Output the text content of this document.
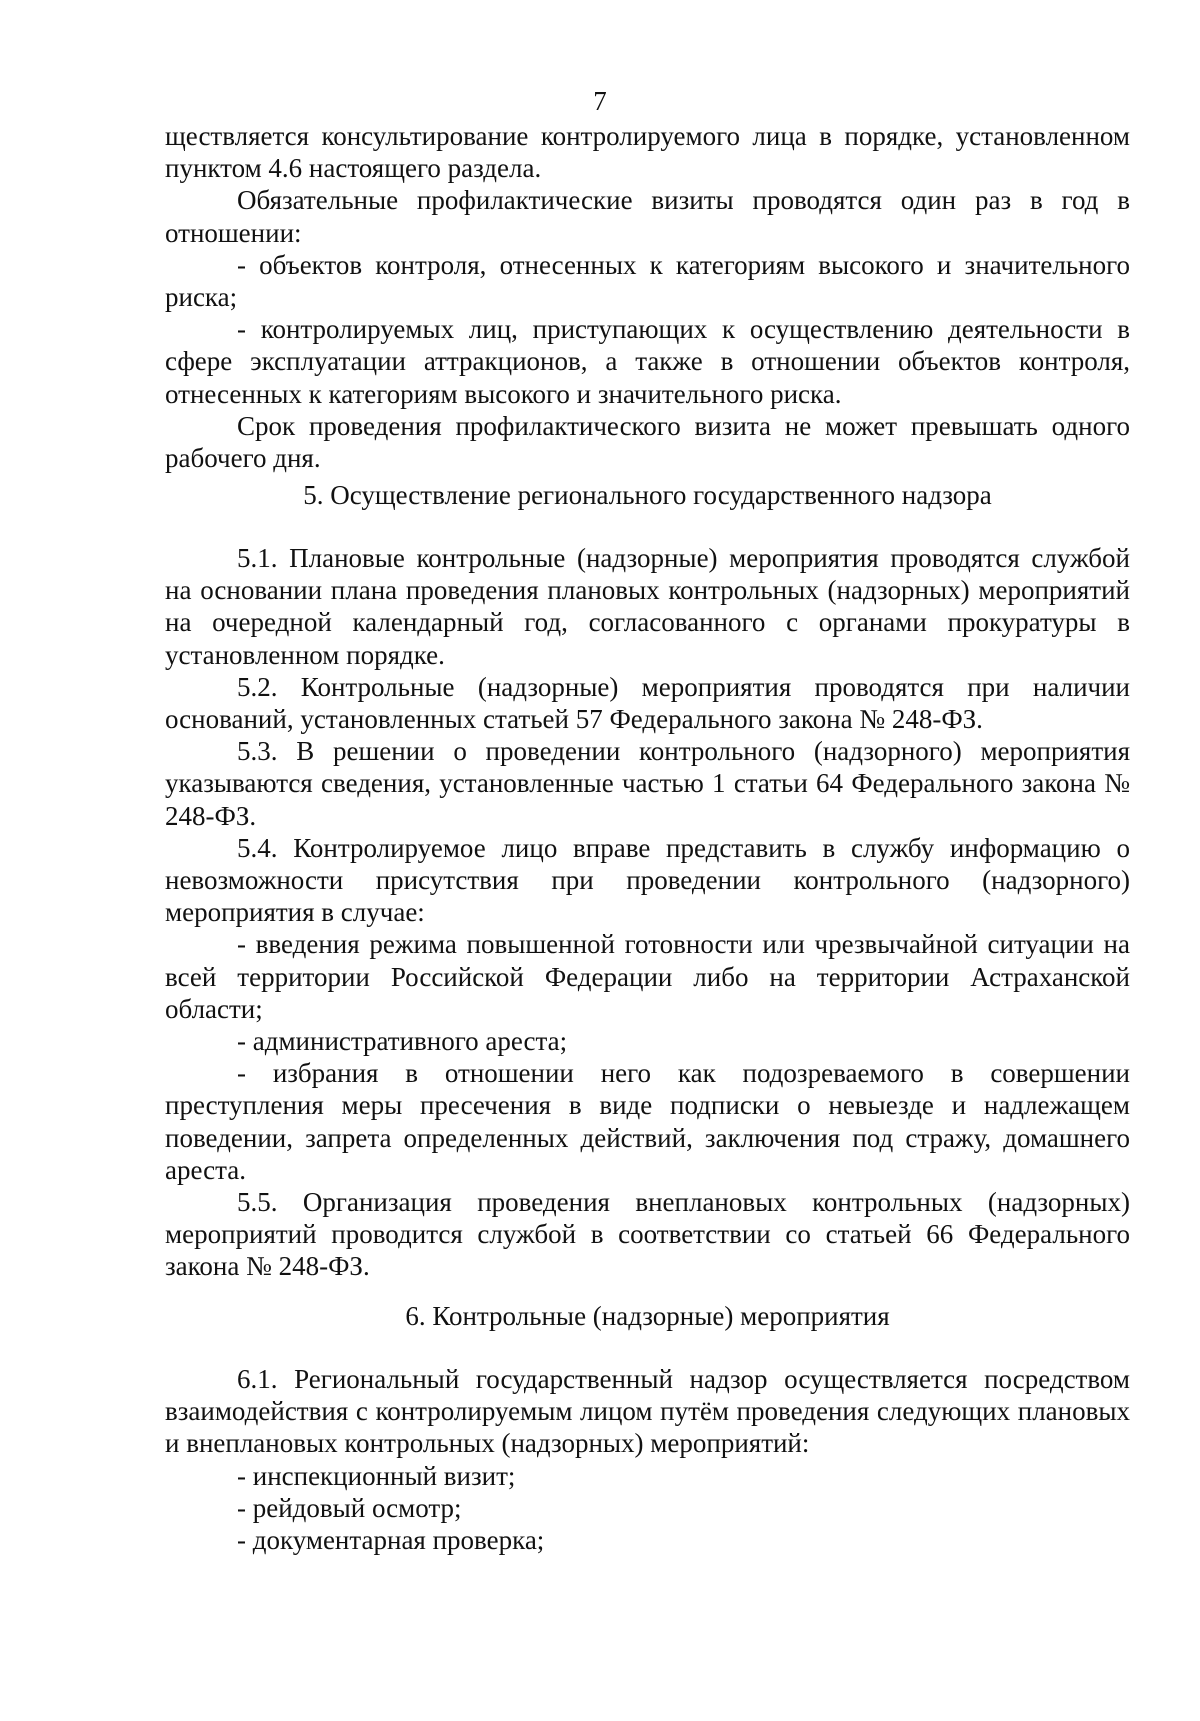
7

ществляется консультирование контролируемого лица в порядке, установленном пунктом 4.6 настоящего раздела.

Обязательные профилактические визиты проводятся один раз в год в отношении:

- объектов контроля, отнесенных к категориям высокого и значительного риска;

- контролируемых лиц, приступающих к осуществлению деятельности в сфере эксплуатации аттракционов, а также в отношении объектов контроля, отнесенных к категориям высокого и значительного риска.

Срок проведения профилактического визита не может превышать одного рабочего дня.

5. Осуществление регионального государственного надзора

5.1. Плановые контрольные (надзорные) мероприятия проводятся службой на основании плана проведения плановых контрольных (надзорных) мероприятий на очередной календарный год, согласованного с органами прокуратуры в установленном порядке.

5.2. Контрольные (надзорные) мероприятия проводятся при наличии оснований, установленных статьей 57 Федерального закона № 248-ФЗ.

5.3. В решении о проведении контрольного (надзорного) мероприятия указываются сведения, установленные частью 1 статьи 64 Федерального закона № 248-ФЗ.

5.4. Контролируемое лицо вправе представить в службу информацию о невозможности присутствия при проведении контрольного (надзорного) мероприятия в случае:

- введения режима повышенной готовности или чрезвычайной ситуации на всей территории Российской Федерации либо на территории Астраханской области;

- административного ареста;

- избрания в отношении него как подозреваемого в совершении преступления меры пресечения в виде подписки о невыезде и надлежащем поведении, запрета определенных действий, заключения под стражу, домашнего ареста.

5.5. Организация проведения внеплановых контрольных (надзорных) мероприятий проводится службой в соответствии со статьей 66 Федерального закона № 248-ФЗ.

6. Контрольные (надзорные) мероприятия

6.1. Региональный государственный надзор осуществляется посредством взаимодействия с контролируемым лицом путём проведения следующих плановых и внеплановых контрольных (надзорных) мероприятий:

- инспекционный визит;

- рейдовый осмотр;

- документарная проверка;
